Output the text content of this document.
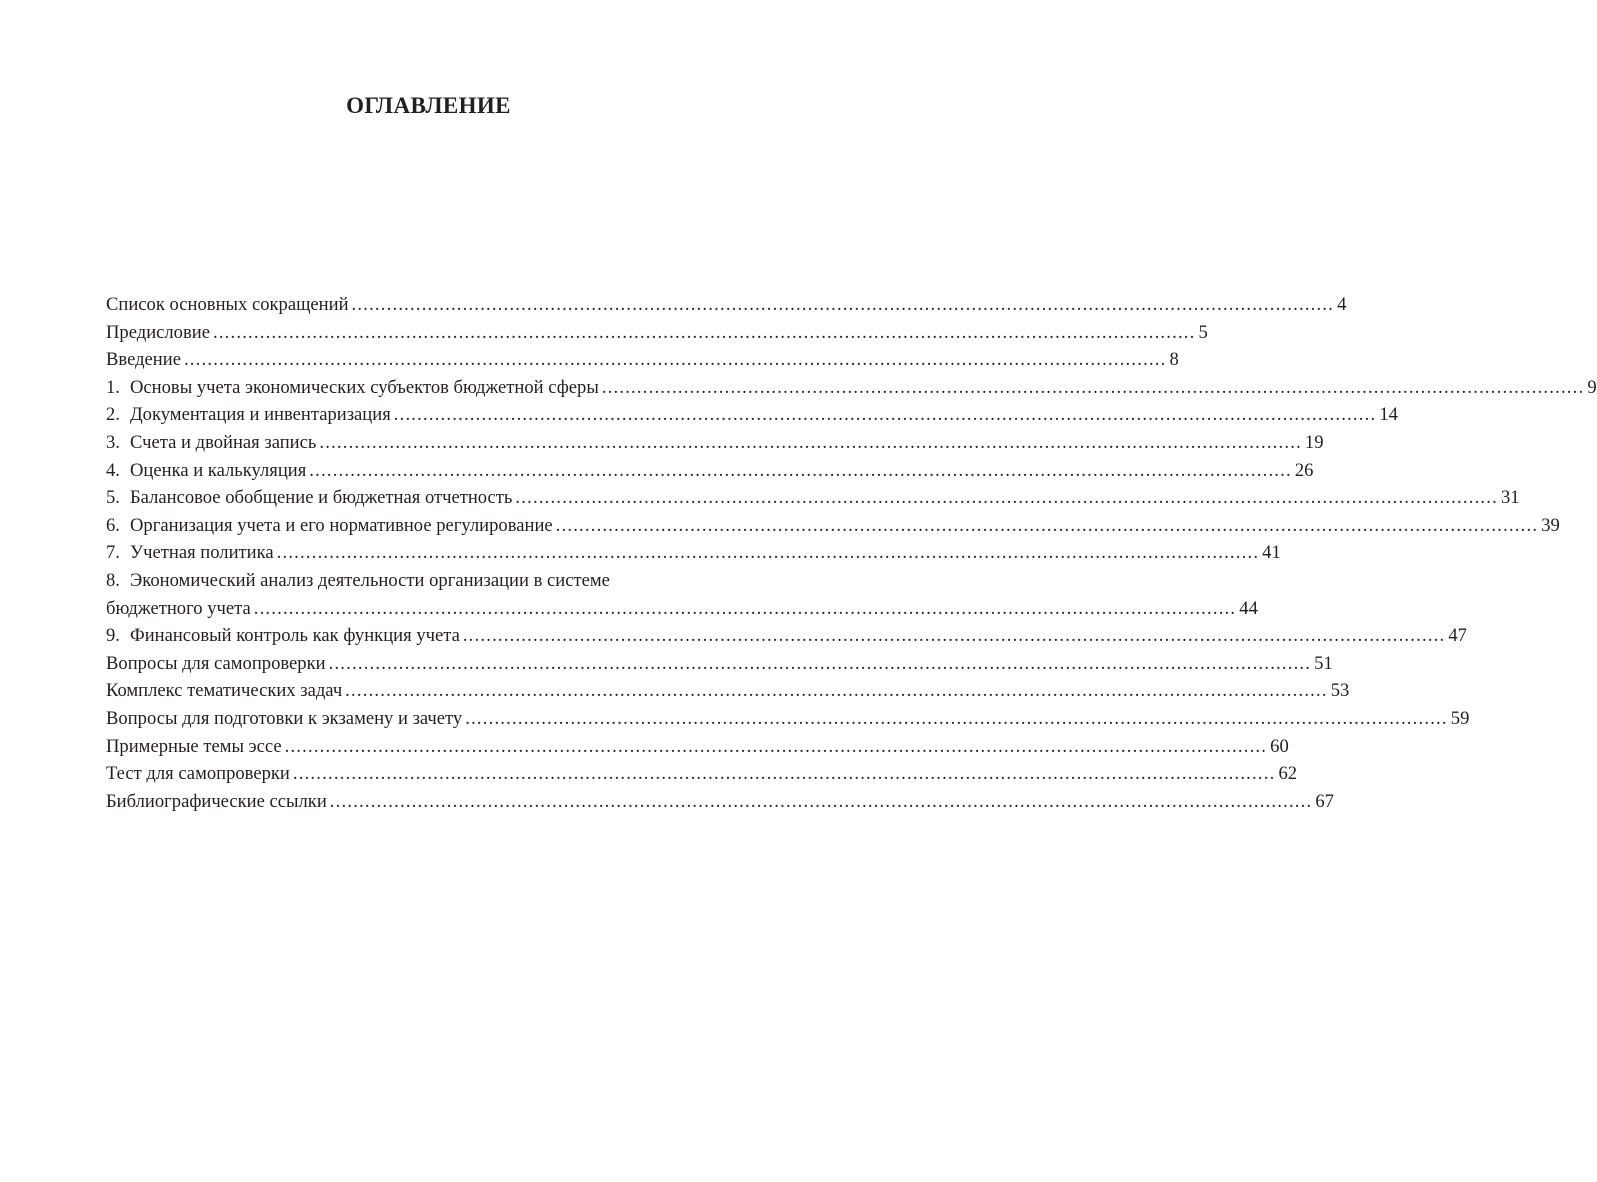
ОГЛАВЛЕНИЕ
Список основных сокращений ........................................................................................................................................................................ 4
Предисловие ........................................................................................................................................................................ 5
Введение ........................................................................................................................................................................ 8
1. Основы учета экономических субъектов бюджетной сферы ........................................................................................................................................................................ 9
2. Документация и инвентаризация ........................................................................................................................................................................ 14
3. Счета и двойная запись ........................................................................................................................................................................ 19
4. Оценка и калькуляция ........................................................................................................................................................................ 26
5. Балансовое обобщение и бюджетная отчетность ........................................................................................................................................................................ 31
6. Организация учета и его нормативное регулирование ........................................................................................................................................................................ 39
7. Учетная политика ........................................................................................................................................................................ 41
8. Экономический анализ деятельности организации в системе
бюджетного учета ........................................................................................................................................................................ 44
9. Финансовый контроль как функция учета ........................................................................................................................................................................ 47
Вопросы для самопроверки ........................................................................................................................................................................ 51
Комплекс тематических задач ........................................................................................................................................................................ 53
Вопросы для подготовки к экзамену и зачету ........................................................................................................................................................................ 59
Примерные темы эссе ........................................................................................................................................................................ 60
Тест для самопроверки ........................................................................................................................................................................ 62
Библиографические ссылки ........................................................................................................................................................................ 67
